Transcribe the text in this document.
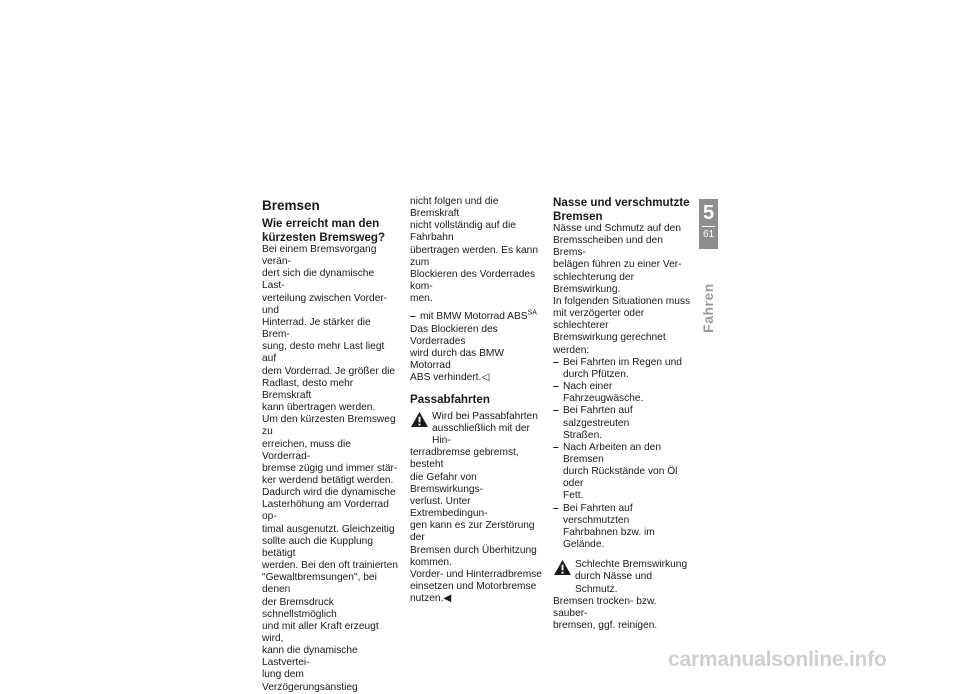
Bremsen
Wie erreicht man den
kürzesten Bremsweg?

Bei einem Bremsvorgang verän-
dert sich die dynamische Last-
verteilung zwischen Vorder- und
Hinterrad. Je stärker die Brem-
sung, desto mehr Last liegt auf
dem Vorderrad. Je größer die
Radlast, desto mehr Bremskraft
kann übertragen werden.

Um den kürzesten Bremsweg zu
erreichen, muss die Vorderrad-
bremse zügig und immer stär-
ker werdend betätigt werden.
Dadurch wird die dynamische
Lasterhöhung am Vorderrad op-
timal ausgenutzt. Gleichzeitig
sollte auch die Kupplung betätigt
werden. Bei den oft trainierten
"Gewaltbremsungen", bei denen
der Bremsdruck schnellstmöglich
und mit aller Kraft erzeugt wird,
kann die dynamische Lastvertei-
lung dem Verzögerungsanstieg

nicht folgen und die Bremskraft
nicht vollständig auf die Fahrbahn
übertragen werden. Es kann zum
Blockieren des Vorderrades kom-
men.

– mit BMW Motorrad $ABS^{SA}$

Das Blockieren des Vorderrades
wird durch das BMW Motorrad
ABS verhindert.◁

Passabfahrten

Wird bei Passabfahrten
ausschließlich mit der Hin-

terradbremse gebremst, besteht
die Gefahr von Bremswirkungs-
verlust. Unter Extrembedingun-
gen kann es zur Zerstörung der
Bremsen durch Überhitzung
kommen.

Vorder- und Hinterradbremse
einsetzen und Motorbremse
nutzen.◀

Nasse und verschmutzte
Bremsen

Nässe und Schmutz auf den
Bremsscheiben und den Brems-
belägen führen zu einer Ver-
schlechterung der Bremswirkung.

In folgenden Situationen muss
mit verzögerter oder schlechterer
Bremswirkung gerechnet werden:

– Bei Fahrten im Regen und
durch Pfützen.
– Nach einer Fahrzeugwäsche.
– Bei Fahrten auf salzgestreuten
Straßen.
– Nach Arbeiten an den Bremsen
durch Rückstände von Öl oder
Fett.
– Bei Fahrten auf verschmutzten
Fahrbahnen bzw. im Gelände.

Schlechte Bremswirkung
durch Nässe und Schmutz.

Bremsen trocken- bzw. sauber-
bremsen, ggf. reinigen.

5
61
Fahren
carmanualsonline.info
